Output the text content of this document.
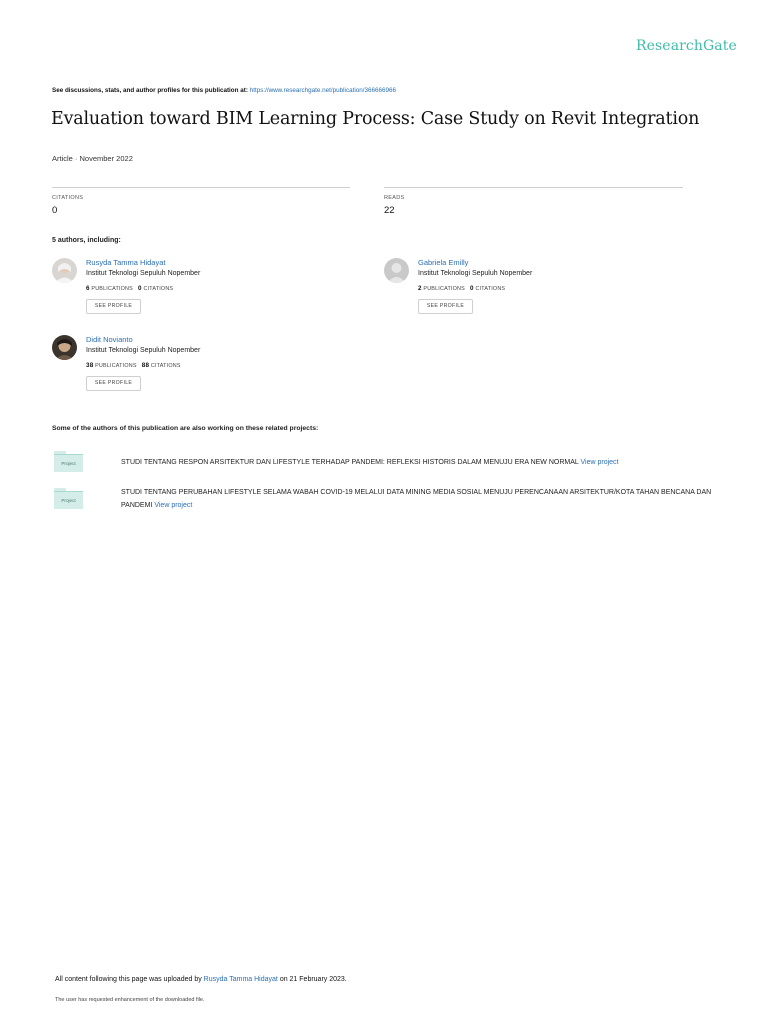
ResearchGate
See discussions, stats, and author profiles for this publication at: https://www.researchgate.net/publication/366666966
Evaluation toward BIM Learning Process: Case Study on Revit Integration
Article · November 2022
CITATIONS
0
READS
22
5 authors, including:
Rusyda Tamma Hidayat
Institut Teknologi Sepuluh Nopember
6 PUBLICATIONS 0 CITATIONS
SEE PROFILE
Gabriela Emilly
Institut Teknologi Sepuluh Nopember
2 PUBLICATIONS 0 CITATIONS
SEE PROFILE
Didit Novianto
Institut Teknologi Sepuluh Nopember
38 PUBLICATIONS 88 CITATIONS
SEE PROFILE
Some of the authors of this publication are also working on these related projects:
Project	STUDI TENTANG RESPON ARSITEKTUR DAN LIFESTYLE TERHADAP PANDEMI: REFLEKSI HISTORIS DALAM MENUJU ERA NEW NORMAL View project
Project
STUDI TENTANG PERUBAHAN LIFESTYLE SELAMA WABAH COVID-19 MELALUI DATA MINING MEDIA SOSIAL MENUJU PERENCANAAN ARSITEKTUR/KOTA TAHAN BENCANA DAN PANDEMI View project
All content following this page was uploaded by Rusyda Tamma Hidayat on 21 February 2023.
The user has requested enhancement of the downloaded file.
